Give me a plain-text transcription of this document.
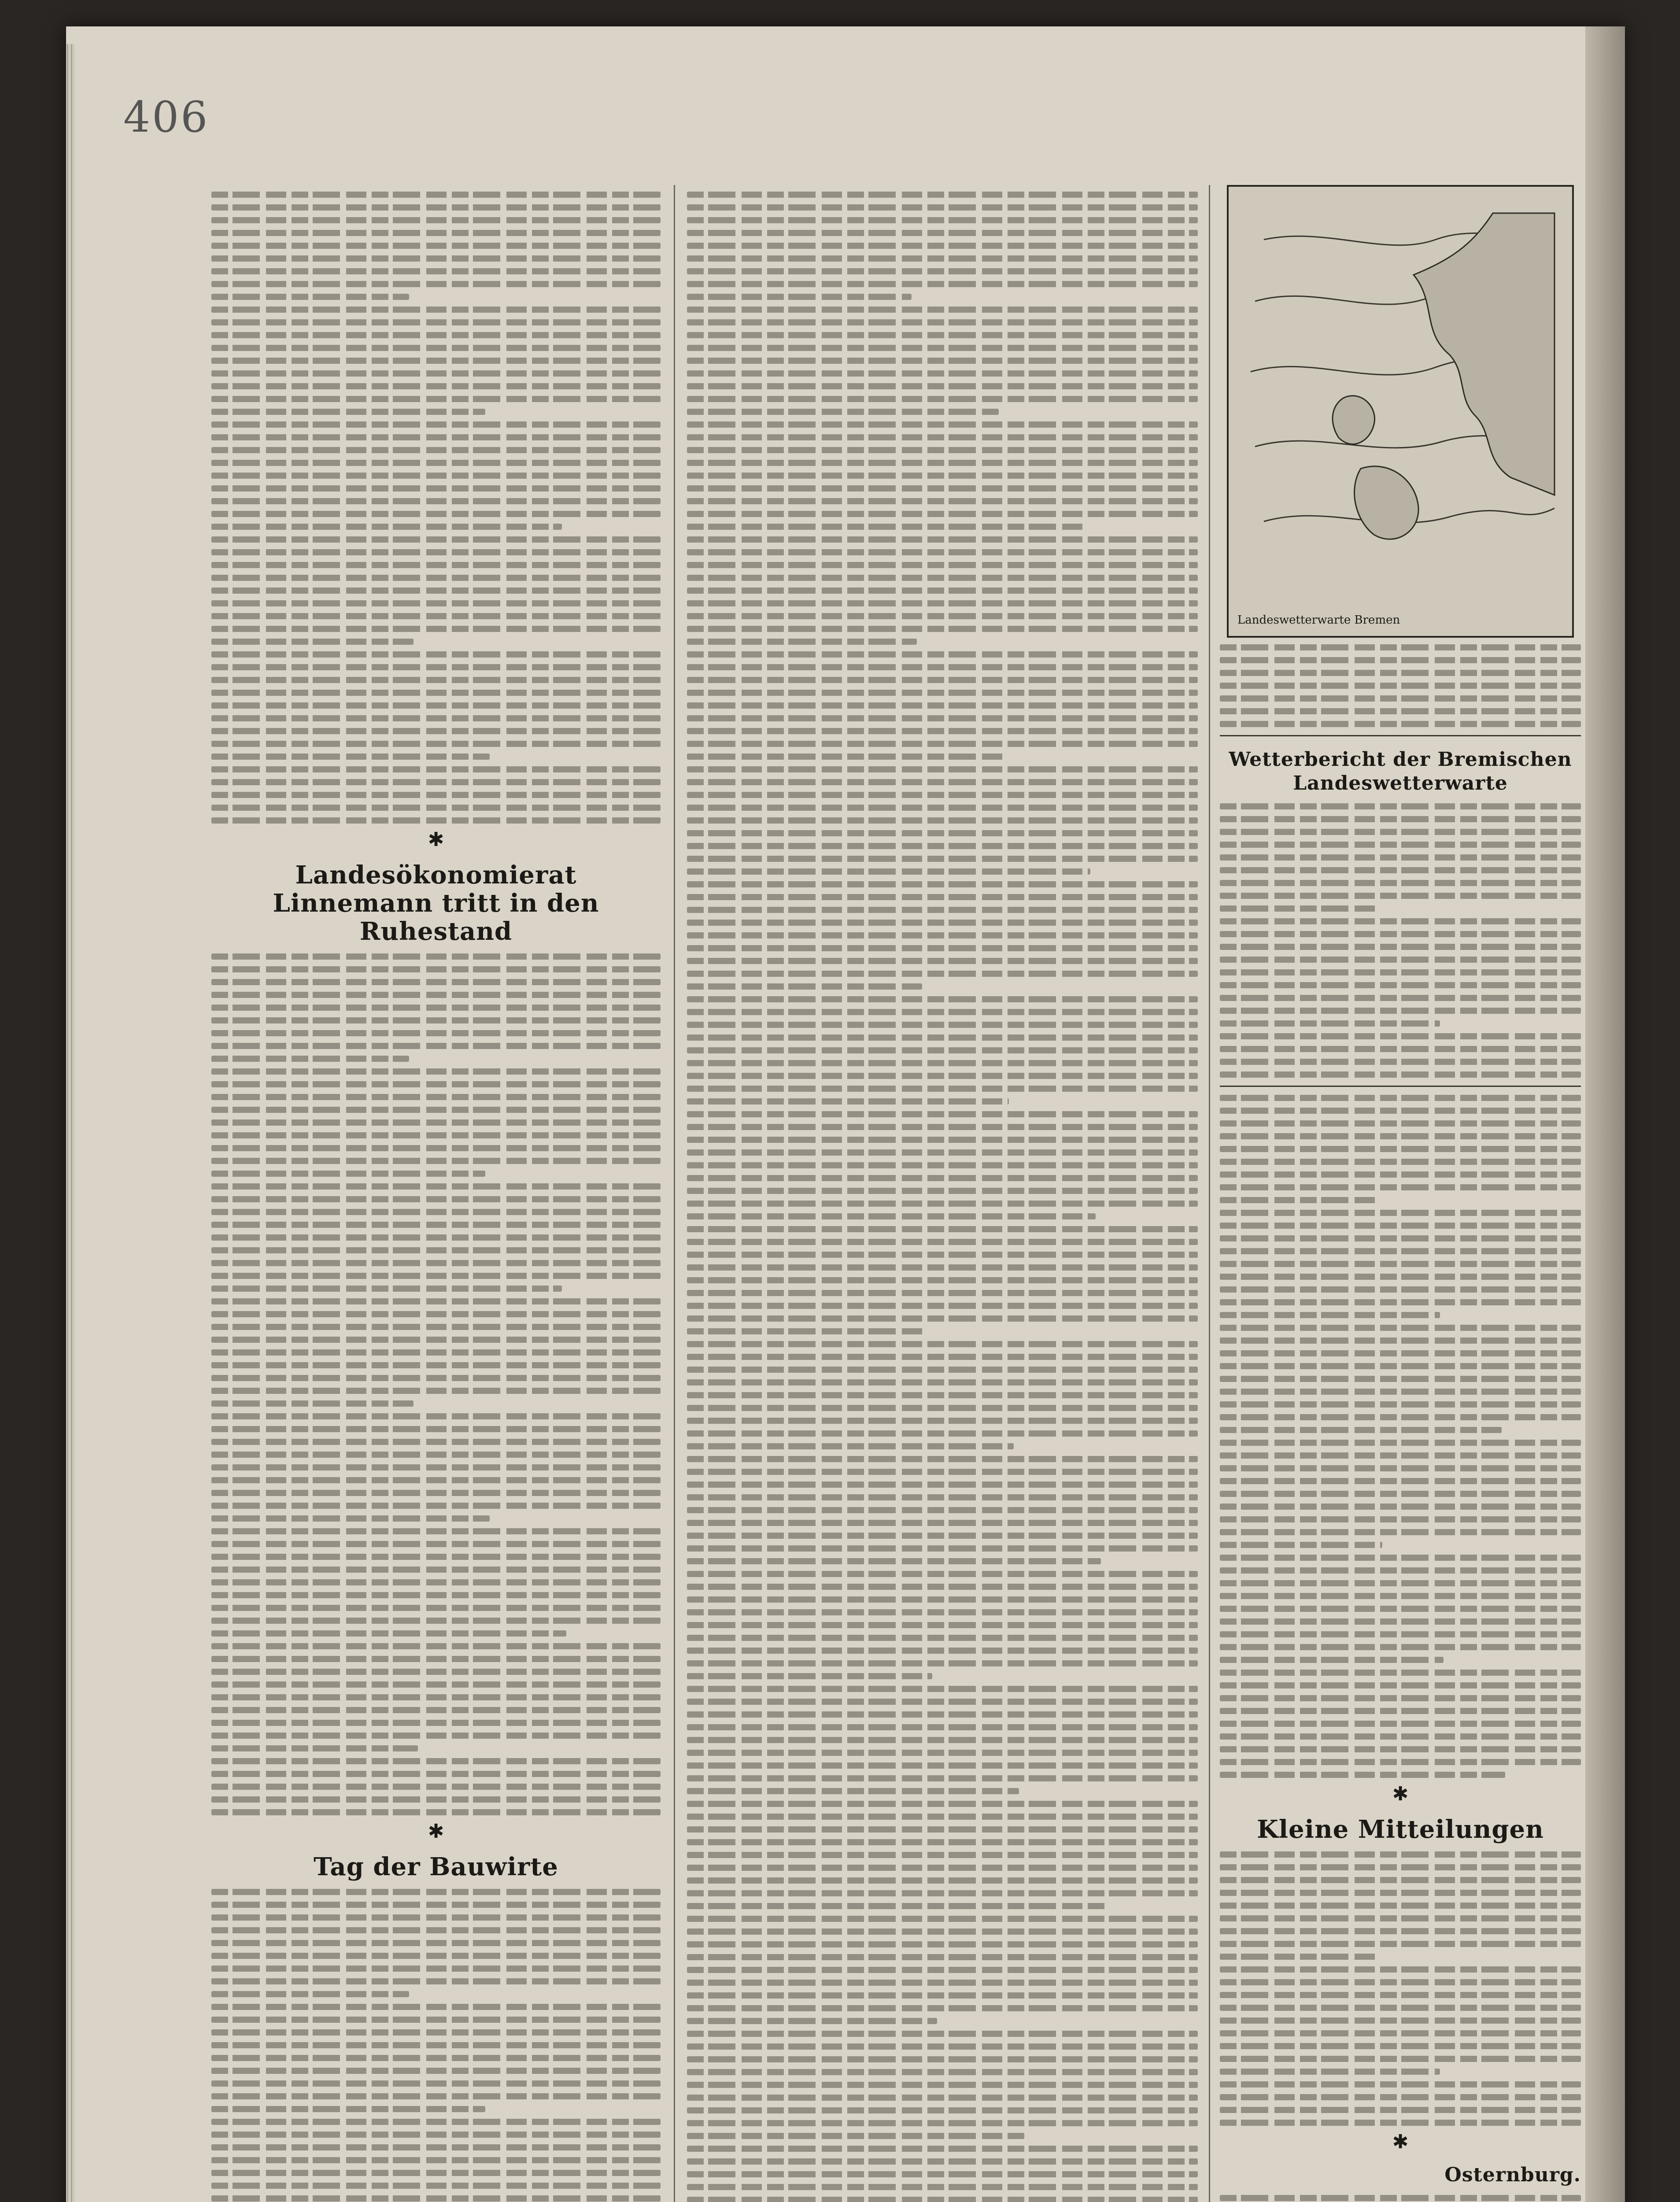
406
✱
Landesökonomierat Linnemann tritt in den Ruhestand
✱
Tag der Bauwirte
Landeswetterwarte Bremen
Wetterbericht der Bremischen Landeswetterwarte
✱
Kleine Mitteilungen
✱
Osternburg.
